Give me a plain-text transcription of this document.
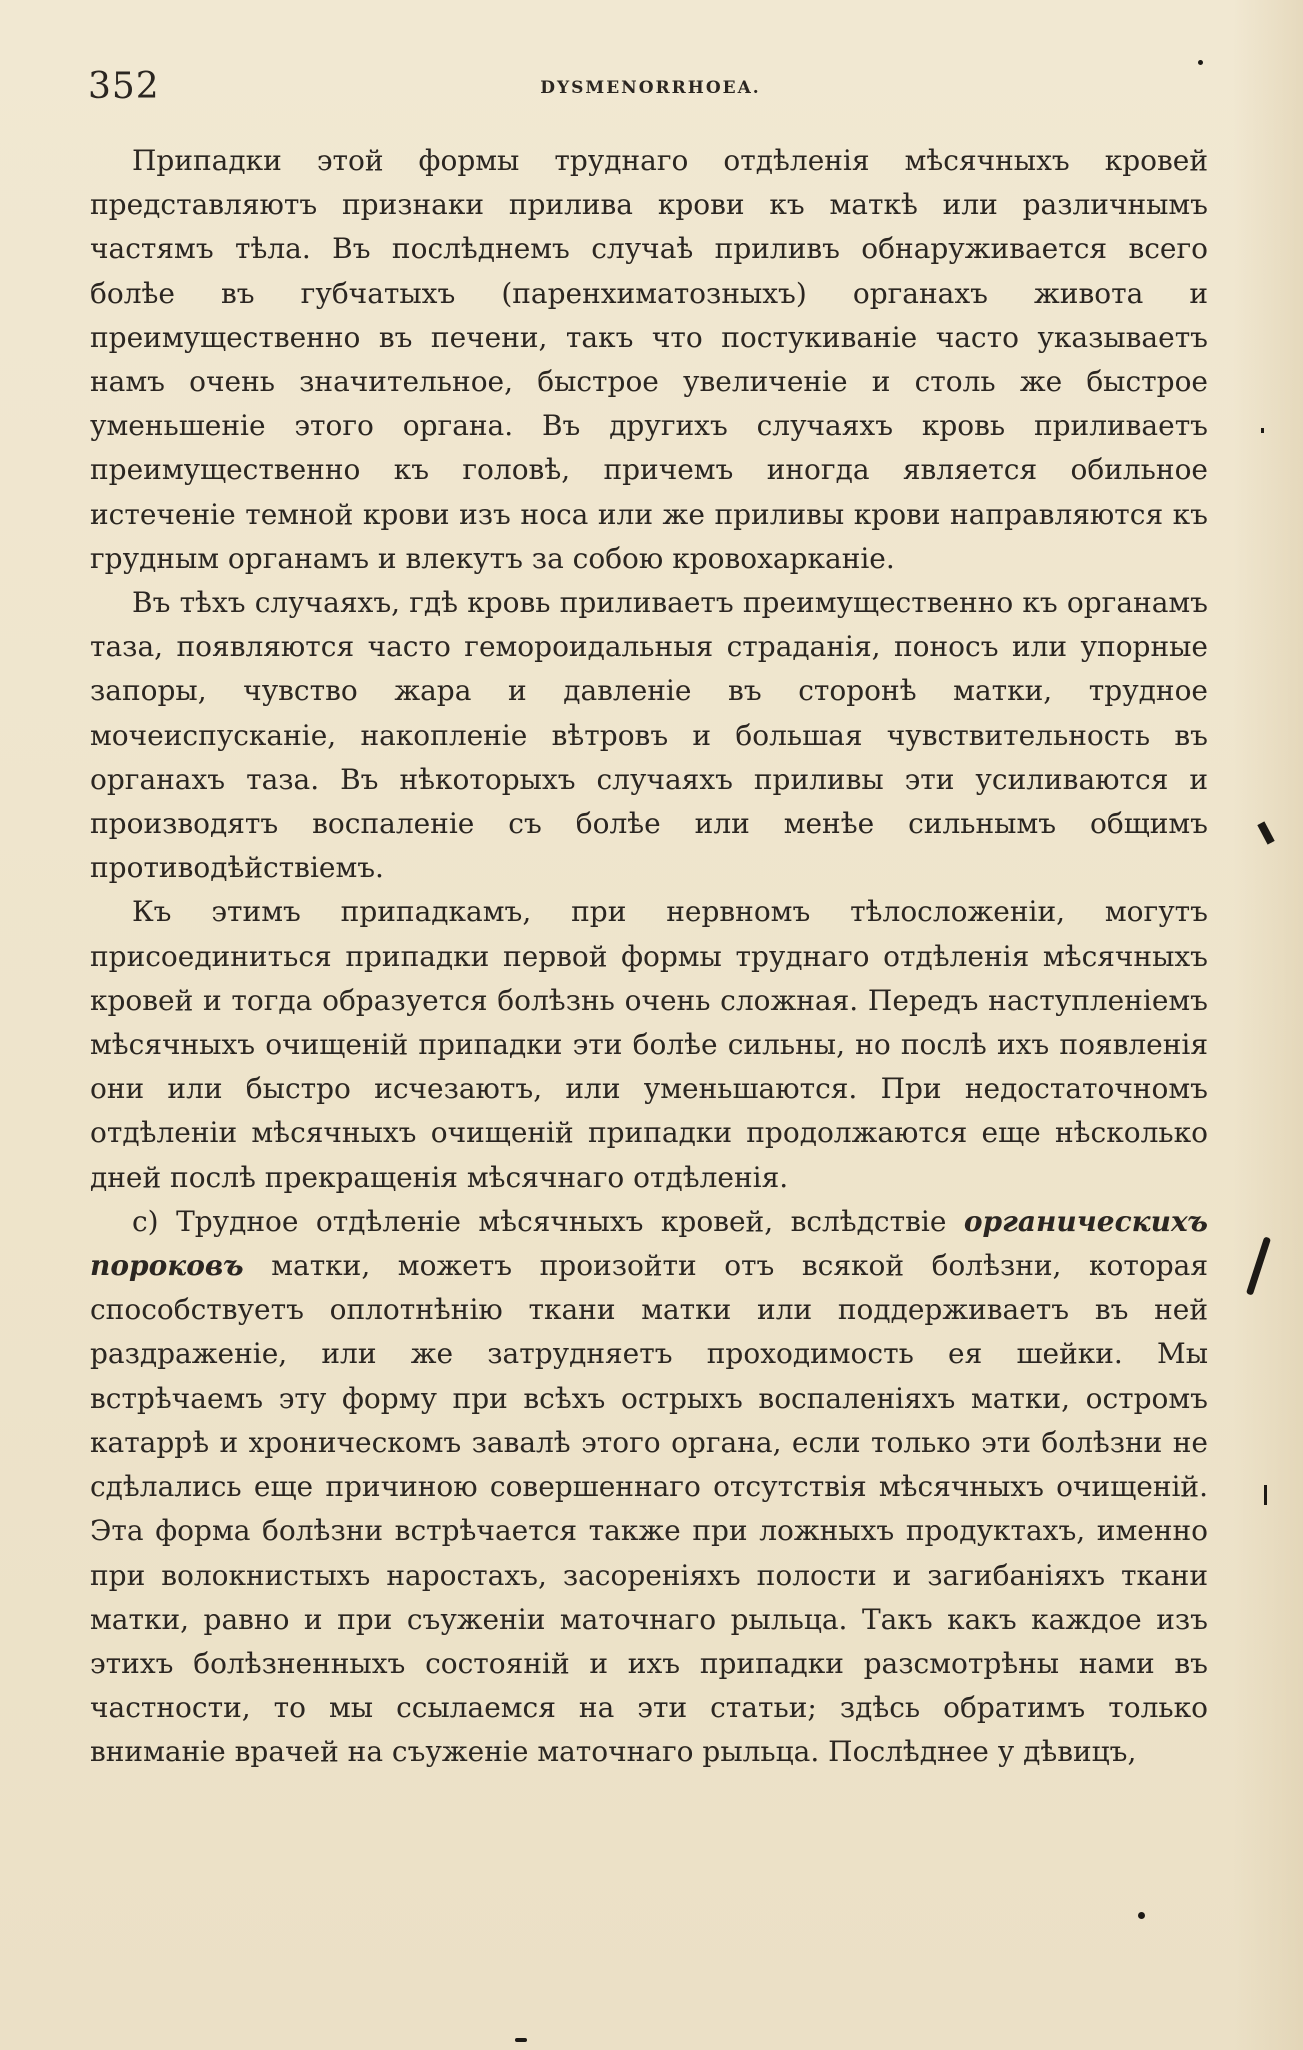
352	DYSMENORRHOEA.

Припадки этой формы труднаго отдѣленія мѣсячныхъ кровей представляютъ признаки прилива крови къ маткѣ или различнымъ частямъ тѣла. Въ послѣднемъ случаѣ приливъ обнаруживается всего болѣе въ губчатыхъ (паренхиматозныхъ) органахъ живота и преимущественно въ печени, такъ что постукиваніе часто указываетъ намъ очень значительное, быстрое увеличеніе и столь же быстрое уменьшеніе этого органа. Въ другихъ случаяхъ кровь приливаетъ преимущественно къ головѣ, причемъ иногда является обильное истеченіе темной крови изъ носа или же приливы крови направляются къ грудным органамъ и влекутъ за собою кровохарканіе.

Въ тѣхъ случаяхъ, гдѣ кровь приливаетъ преимущественно къ органамъ таза, появляются часто гемороидальныя страданія, поносъ или упорные запоры, чувство жара и давленіе въ сторонѣ матки, трудное мочеиспусканіе, накопленіе вѣтровъ и большая чувствительность въ органахъ таза. Въ нѣкоторыхъ случаяхъ приливы эти усиливаются и производятъ воспаленіе съ болѣе или менѣе сильнымъ общимъ противодѣйствіемъ.

Къ этимъ припадкамъ, при нервномъ тѣлосложеніи, могутъ присоединиться припадки первой формы труднаго отдѣленія мѣсячныхъ кровей и тогда образуется болѣзнь очень сложная. Передъ наступленіемъ мѣсячныхъ очищеній припадки эти болѣе сильны, но послѣ ихъ появленія они или быстро исчезаютъ, или уменьшаются. При недостаточномъ отдѣленіи мѣсячныхъ очищеній припадки продолжаются еще нѣсколько дней послѣ прекращенія мѣсячнаго отдѣленія.

c) Трудное отдѣленіе мѣсячныхъ кровей, вслѣдствіе органическихъ пороковъ матки, можетъ произойти отъ всякой болѣзни, которая способствуетъ оплотнѣнію ткани матки или поддерживаетъ въ ней раздраженіе, или же затрудняетъ проходимость ея шейки. Мы встрѣчаемъ эту форму при всѣхъ острыхъ воспаленіяхъ матки, остромъ катаррѣ и хроническомъ завалѣ этого органа, если только эти болѣзни не сдѣлались еще причиною совершеннаго отсутствія мѣсячныхъ очищеній. Эта форма болѣзни встрѣчается также при ложныхъ продуктахъ, именно при волокнистыхъ наростахъ, засореніяхъ полости и загибаніяхъ ткани матки, равно и при съуженіи маточнаго рыльца. Такъ какъ каждое изъ этихъ болѣзненныхъ состояній и ихъ припадки разсмотрѣны нами въ частности, то мы ссылаемся на эти статьи; здѣсь обратимъ только вниманіе врачей на съуженіе маточнаго рыльца. Послѣднее у дѣвицъ,
